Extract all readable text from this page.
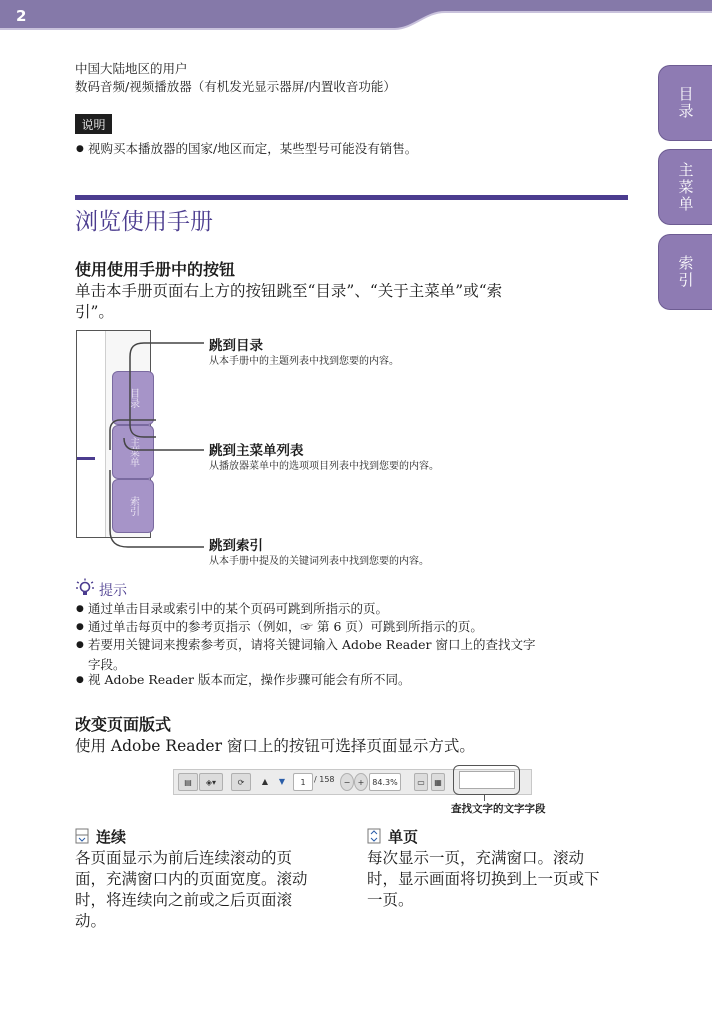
2
目录
主菜单
索引
中国大陆地区的用户
数码音频/视频播放器（有机发光显示器屏/内置收音功能）
说明
● 视购买本播放器的国家/地区而定，某些型号可能没有销售。
浏览使用手册
使用使用手册中的按钮
单击本手册页面右上方的按钮跳至“目录”、“关于主菜单”或“索
引”。
目录
主菜单
索引
跳到目录
从本手册中的主题列表中找到您要的内容。
跳到主菜单列表
从播放器菜单中的选项项目列表中找到您要的内容。
跳到索引
从本手册中提及的关键词列表中找到您要的内容。
提示
● 通过单击目录或索引中的某个页码可跳到所指示的页。
● 通过单击每页中的参考页指示（例如，☞ 第 6 页）可跳到所指示的页。
● 若要用关键词来搜索参考页，请将关键词输入 Adobe Reader 窗口上的查找文字
字段。
● 视 Adobe Reader 版本而定，操作步骤可能会有所不同。
改变页面版式
使用 Adobe Reader 窗口上的按钮可选择页面显示方式。
▤	◈▾	⟳	▲	▼	1	/ 158	− + 84.3%	▭	▦
查找文字的文字字段
连续
各页面显示为前后连续滚动的页
面，充满窗口内的页面宽度。滚动
时，将连续向之前或之后页面滚
动。
单页
每次显示一页，充满窗口。滚动
时，显示画面将切换到上一页或下
一页。
